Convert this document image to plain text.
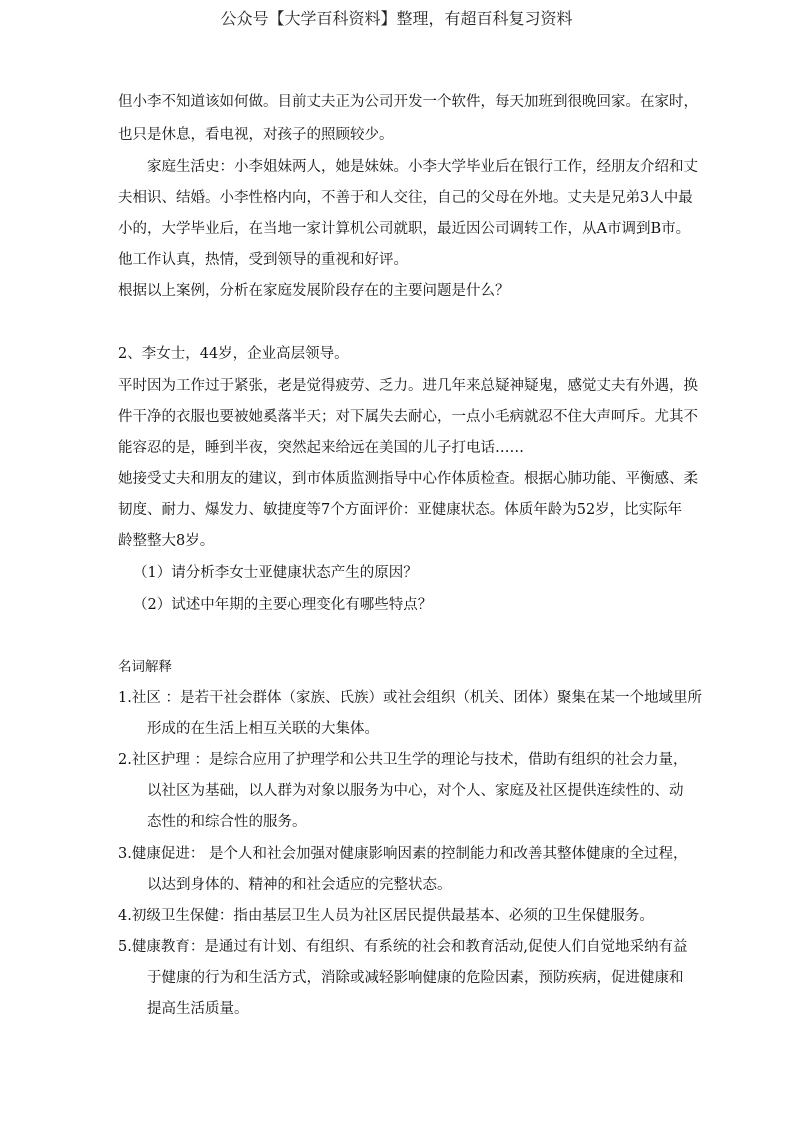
公众号【大学百科资料】整理，有超百科复习资料
但小李不知道该如何做。目前丈夫正为公司开发一个软件，每天加班到很晚回家。在家时，
也只是休息，看电视，对孩子的照顾较少。
家庭生活史：小李姐妹两人，她是妹妹。小李大学毕业后在银行工作，经朋友介绍和丈
夫相识、结婚。小李性格内向，不善于和人交往，自己的父母在外地。丈夫是兄弟3人中最
小的，大学毕业后，在当地一家计算机公司就职，最近因公司调转工作，从A市调到B市。
他工作认真，热情，受到领导的重视和好评。
根据以上案例，分析在家庭发展阶段存在的主要问题是什么？
2、李女士，44岁，企业高层领导。
平时因为工作过于紧张，老是觉得疲劳、乏力。进几年来总疑神疑鬼，感觉丈夫有外遇，换
件干净的衣服也要被她奚落半天；对下属失去耐心，一点小毛病就忍不住大声呵斥。尤其不
能容忍的是，睡到半夜，突然起来给远在美国的儿子打电话……
她接受丈夫和朋友的建议，到市体质监测指导中心作体质检查。根据心肺功能、平衡感、柔
韧度、耐力、爆发力、敏捷度等7个方面评价：亚健康状态。体质年龄为52岁，比实际年
龄整整大8岁。
（1）请分析李女士亚健康状态产生的原因？
（2）试述中年期的主要心理变化有哪些特点？
名词解释
1.社区 ：是若干社会群体（家族、氏族）或社会组织（机关、团体）聚集在某一个地域里所
形成的在生活上相互关联的大集体。
2.社区护理 ：是综合应用了护理学和公共卫生学的理论与技术，借助有组织的社会力量，
以社区为基础，以人群为对象以服务为中心，对个人、家庭及社区提供连续性的、动
态性的和综合性的服务。
3.健康促进： 是个人和社会加强对健康影响因素的控制能力和改善其整体健康的全过程，
以达到身体的、精神的和社会适应的完整状态。
4.初级卫生保健：指由基层卫生人员为社区居民提供最基本、必须的卫生保健服务。
5.健康教育：是通过有计划、有组织、有系统的社会和教育活动,促使人们自觉地采纳有益
于健康的行为和生活方式，消除或减轻影响健康的危险因素，预防疾病，促进健康和
提高生活质量。
